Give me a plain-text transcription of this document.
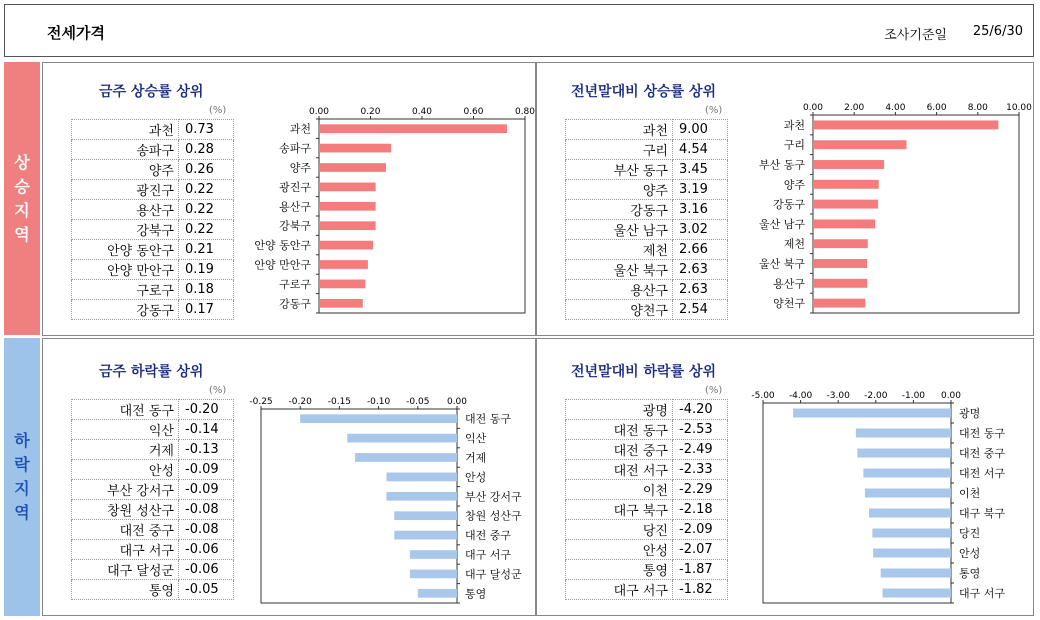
전세가격	조사기준일 25/6/30
상
승
지
역
하
락
지
역
금주 상승률 상위
(%)
과천	0.73
송파구	0.28
양주	0.26
광진구	0.22
용산구	0.22
강북구	0.22
안양 동안구	0.21
안양 만안구	0.19
구로구	0.18
강동구	0.17
0.00	0.20	0.40	0.60	0.80
과천
송파구
양주
광진구
용산구
강북구
안양 동안구
안양 만안구
구로구
강동구
전년말대비 상승률 상위
(%)
과천	9.00
구리	4.54
부산 동구	3.45
양주	3.19
강동구	3.16
울산 남구	3.02
제천	2.66
울산 북구	2.63
용산구	2.63
양천구	2.54
0.00 2.00 4.00 6.00 8.00 10.00
과천
구리
부산 동구
양주
강동구
울산 남구
제천
울산 북구
용산구
양천구
금주 하락률 상위
(%)
대전 동구	-0.20
익산	-0.14
거제	-0.13
안성	-0.09
부산 강서구	-0.09
창원 성산구	-0.08
대전 중구	-0.08
대구 서구	-0.06
대구 달성군	-0.06
통영	-0.05
-0.25 -0.20 -0.15 -0.10 -0.05 0.00
대전 동구
익산
거제
안성
부산 강서구
창원 성산구
대전 중구
대구 서구
대구 달성군
통영
전년말대비 하락률 상위
(%)
광명	-4.20
대전 동구	-2.53
대전 중구	-2.49
대전 서구	-2.33
이천	-2.29
대구 북구	-2.18
당진	-2.09
안성	-2.07
통영	-1.87
대구 서구	-1.82
-5.00 -4.00 -3.00 -2.00 -1.00 0.00
광명
대전 동구
대전 중구
대전 서구
이천
대구 북구
당진
안성
통영
대구 서구
